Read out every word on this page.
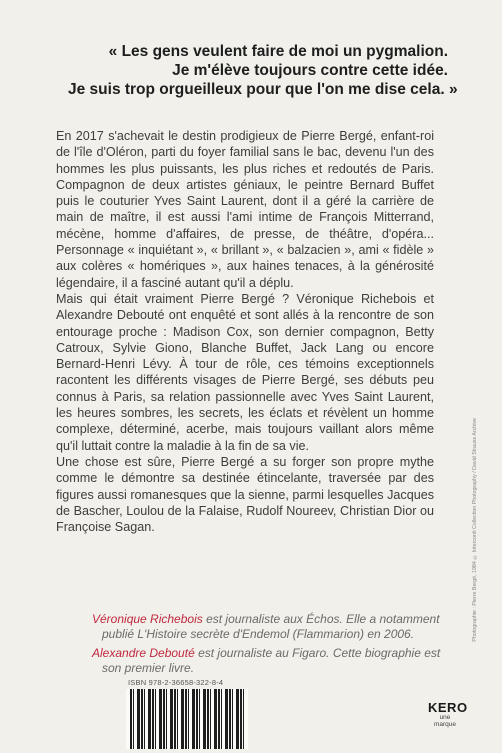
« Les gens veulent faire de moi un pygmalion.
Je m'élève toujours contre cette idée.
Je suis trop orgueilleux pour que l'on me dise cela. »

En 2017 s'achevait le destin prodigieux de Pierre Bergé, enfant-roi de l'île d'Oléron, parti du foyer familial sans le bac, devenu l'un des hommes les plus puissants, les plus riches et redoutés de Paris. Compagnon de deux artistes géniaux, le peintre Bernard Buffet puis le couturier Yves Saint Laurent, dont il a géré la carrière de main de maître, il est aussi l'ami intime de François Mitterrand, mécène, homme d'affaires, de presse, de théâtre, d'opéra... Personnage « inquiétant », « brillant », « balzacien », ami « fidèle » aux colères « homériques », aux haines tenaces, à la générosité légendaire, il a fasciné autant qu'il a déplu.

Mais qui était vraiment Pierre Bergé ? Véronique Richebois et Alexandre Debouté ont enquêté et sont allés à la rencontre de son entourage proche : Madison Cox, son dernier compagnon, Betty Catroux, Sylvie Giono, Blanche Buffet, Jack Lang ou encore Bernard-Henri Lévy. À tour de rôle, ces témoins exceptionnels racontent les différents visages de Pierre Bergé, ses débuts peu connus à Paris, sa relation passionnelle avec Yves Saint Laurent, les heures sombres, les secrets, les éclats et révèlent un homme complexe, déterminé, acerbe, mais toujours vaillant alors même qu'il luttait contre la maladie à la fin de sa vie.

Une chose est sûre, Pierre Bergé a su forger son propre mythe comme le démontre sa destinée étincelante, traversée par des figures aussi romanesques que la sienne, parmi lesquelles Jacques de Bascher, Loulou de la Falaise, Rudolf Noureev, Christian Dior ou Françoise Sagan.

Véronique Richebois est journaliste aux Échos. Elle a notamment publié L'Histoire secrète d'Endemol (Flammarion) en 2006.

Alexandre Debouté est journaliste au Figaro. Cette biographie est son premier livre.

ISBN 978-2-36658-322-8-4
KERO
une marque
Photographie : Pierre Bergé, 1984 © Interconti Collection Photography / David Strauss Archive
